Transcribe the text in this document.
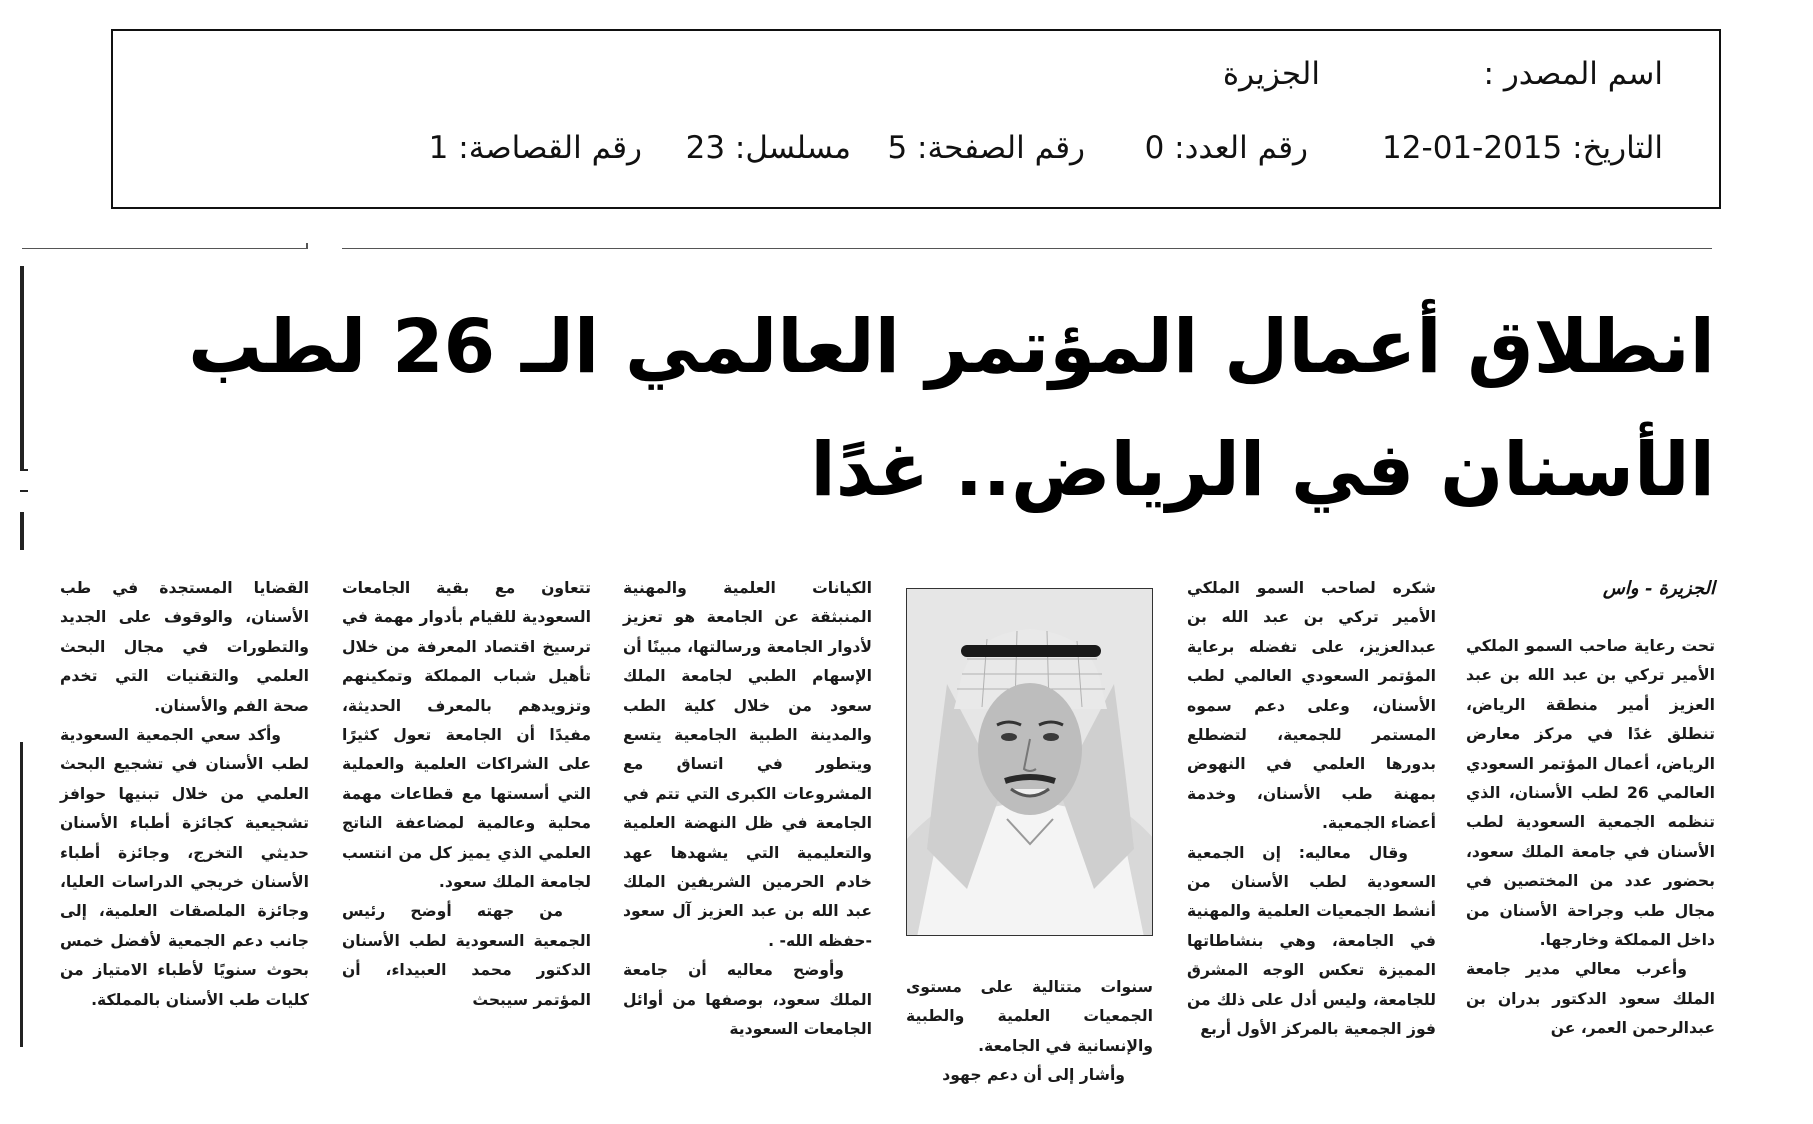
اسم المصدر :
الجزيرة
التاريخ: 2015-01-12
رقم العدد: 0
رقم الصفحة: 5
مسلسل: 23
رقم القصاصة: 1
انطلاق أعمال المؤتمر العالمي الـ 26 لطب
الأسنان في الرياض.. غدًا
الجزيرة - واس

تحت رعاية صاحب السمو الملكي الأمير تركي بن عبد الله بن عبد العزيز أمير منطقة الرياض، تنطلق غدًا في مركز معارض الرياض، أعمال المؤتمر السعودي العالمي 26 لطب الأسنان، الذي تنظمه الجمعية السعودية لطب الأسنان في جامعة الملك سعود، بحضور عدد من المختصين في مجال طب وجراحة الأسنان من داخل المملكة وخارجها.

وأعرب معالي مدير جامعة الملك سعود الدكتور بدران بن عبدالرحمن العمر، عن

شكره لصاحب السمو الملكي الأمير تركي بن عبد الله بن عبدالعزيز، على تفضله برعاية المؤتمر السعودي العالمي لطب الأسنان، وعلى دعم سموه المستمر للجمعية، لتضطلع بدورها العلمي في النهوض بمهنة طب الأسنان، وخدمة أعضاء الجمعية.

وقال معاليه: إن الجمعية السعودية لطب الأسنان من أنشط الجمعيات العلمية والمهنية في الجامعة، وهي بنشاطاتها المميزة تعكس الوجه المشرق للجامعة، وليس أدل على ذلك من فوز الجمعية بالمركز الأول أربع

سنوات متتالية على مستوى الجمعيات العلمية والطبية والإنسانية في الجامعة.

وأشار إلى أن دعم جهود

الكيانات العلمية والمهنية المنبثقة عن الجامعة هو تعزيز لأدوار الجامعة ورسالتها، مبينًا أن الإسهام الطبي لجامعة الملك سعود من خلال كلية الطب والمدينة الطبية الجامعية يتسع ويتطور في اتساق مع المشروعات الكبرى التي تتم في الجامعة في ظل النهضة العلمية والتعليمية التي يشهدها عهد خادم الحرمين الشريفين الملك عبد الله بن عبد العزيز آل سعود -حفظه الله- .

وأوضح معاليه أن جامعة الملك سعود، بوصفها من أوائل الجامعات السعودية

تتعاون مع بقية الجامعات السعودية للقيام بأدوار مهمة في ترسيخ اقتصاد المعرفة من خلال تأهيل شباب المملكة وتمكينهم وتزويدهم بالمعرف الحديثة، مفيدًا أن الجامعة تعول كثيرًا على الشراكات العلمية والعملية التي أسستها مع قطاعات مهمة محلية وعالمية لمضاعفة الناتج العلمي الذي يميز كل من انتسب لجامعة الملك سعود.

من جهته أوضح رئيس الجمعية السعودية لطب الأسنان الدكتور محمد العبيداء، أن المؤتمر سيبحث

القضايا المستجدة في طب الأسنان، والوقوف على الجديد والتطورات في مجال البحث العلمي والتقنيات التي تخدم صحة الفم والأسنان.

وأكد سعي الجمعية السعودية لطب الأسنان في تشجيع البحث العلمي من خلال تبنيها حوافز تشجيعية كجائزة أطباء الأسنان حديثي التخرج، وجائزة أطباء الأسنان خريجي الدراسات العليا، وجائزة الملصقات العلمية، إلى جانب دعم الجمعية لأفضل خمس بحوث سنويًا لأطباء الامتياز من كليات طب الأسنان بالمملكة.
